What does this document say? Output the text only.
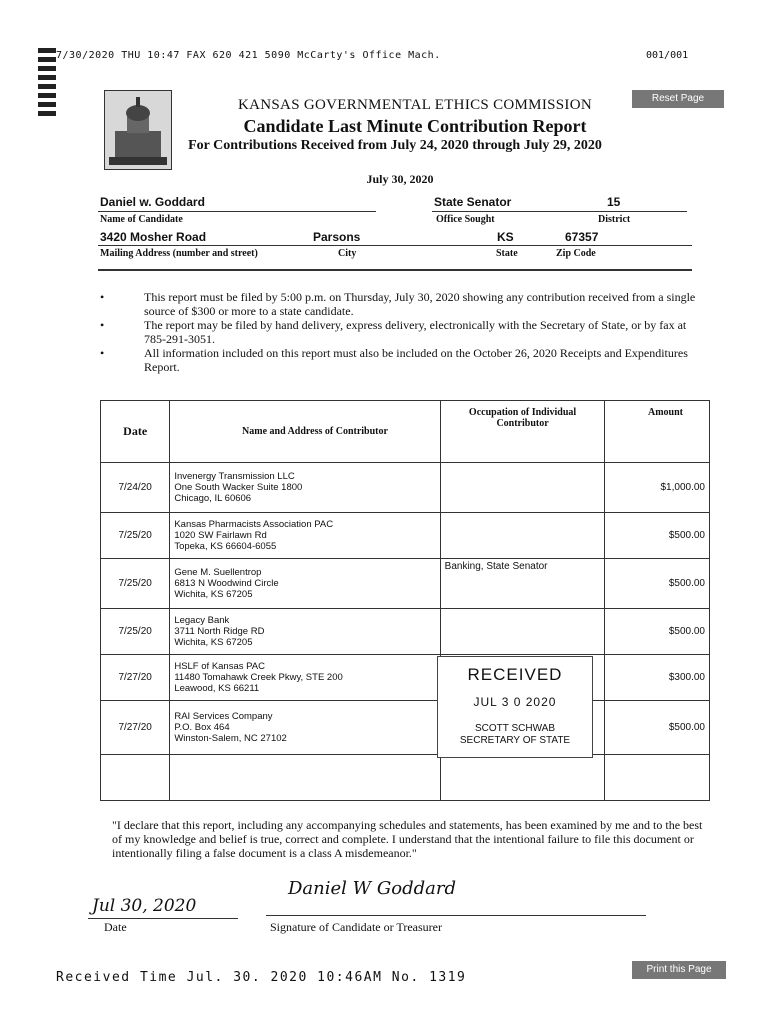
7/30/2020 THU 10:47 FAX 620 421 5090 McCarty's Office Mach.	001/001
Reset Page
KANSAS GOVERNMENTAL ETHICS COMMISSION
Candidate Last Minute Contribution Report
For Contributions Received from July 24, 2020 through July 29, 2020
July 30, 2020
Daniel w. Goddard
Name of Candidate
State Senator	15
Office Sought	District
3420 Mosher Road	Parsons	KS	67357
Mailing Address (number and street)	City	State	Zip Code
• This report must be filed by 5:00 p.m. on Thursday, July 30, 2020 showing any contribution received from a single source of $300 or more to a state candidate.
• The report may be filed by hand delivery, express delivery, electronically with the Secretary of State, or by fax at 785-291-3051.
• All information included on this report must also be included on the October 26, 2020 Receipts and Expenditures Report.
Date	Name and Address of Contributor	Occupation of Individual Contributor	Amount
7/24/20	Invenergy Transmission LLC
One South Wacker Suite 1800
Chicago, IL 60606		$1,000.00
7/25/20	Kansas Pharmacists Association PAC
1020 SW Fairlawn Rd
Topeka, KS 66604-6055		$500.00
7/25/20	Gene M. Suellentrop
6813 N Woodwind Circle
Wichita, KS 67205	Banking, State Senator	$500.00
7/25/20	Legacy Bank
3711 North Ridge RD
Wichita, KS 67205		$500.00
7/27/20	HSLF of Kansas PAC
11480 Tomahawk Creek Pkwy, STE 200
Leawood, KS 66211		$300.00
7/27/20	RAI Services Company
P.O. Box 464
Winston-Salem, NC 27102		$500.00

RECEIVED
JUL 3 0 2020
SCOTT SCHWAB
SECRETARY OF STATE
"I declare that this report, including any accompanying schedules and statements, has been examined by me and to the best of my knowledge and belief is true, correct and complete. I understand that the intentional failure to file this document or intentionally filing a false document is a class A misdemeanor."
Jul 30, 2020
Date
Daniel W Goddard
Signature of Candidate or Treasurer
Received Time Jul. 30. 2020 10:46AM No. 1319
Print this Page
